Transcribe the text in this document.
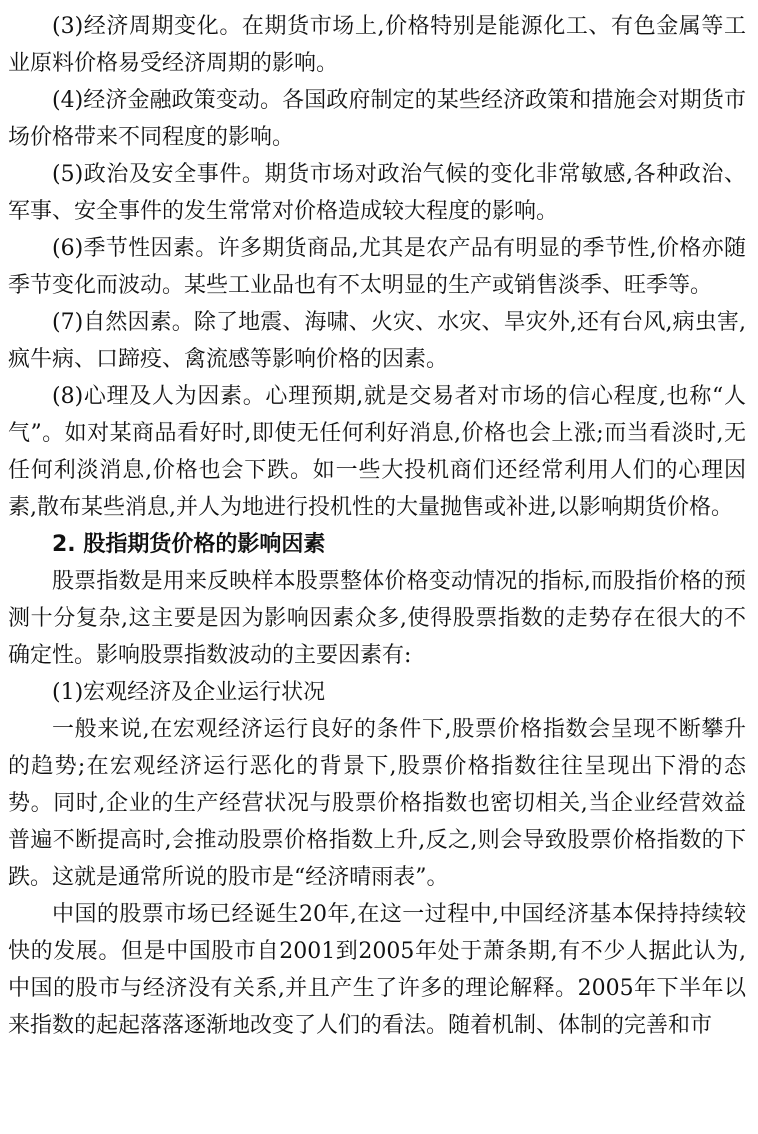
(3)经济周期变化。在期货市场上,价格特别是能源化工、有色金属等工业原料价格易受经济周期的影响。

(4)经济金融政策变动。各国政府制定的某些经济政策和措施会对期货市场价格带来不同程度的影响。

(5)政治及安全事件。期货市场对政治气候的变化非常敏感,各种政治、军事、安全事件的发生常常对价格造成较大程度的影响。

(6)季节性因素。许多期货商品,尤其是农产品有明显的季节性,价格亦随季节变化而波动。某些工业品也有不太明显的生产或销售淡季、旺季等。

(7)自然因素。除了地震、海啸、火灾、水灾、旱灾外,还有台风,病虫害,疯牛病、口蹄疫、禽流感等影响价格的因素。

(8)心理及人为因素。心理预期,就是交易者对市场的信心程度,也称“人气”。如对某商品看好时,即使无任何利好消息,价格也会上涨;而当看淡时,无任何利淡消息,价格也会下跌。如一些大投机商们还经常利用人们的心理因素,散布某些消息,并人为地进行投机性的大量抛售或补进,以影响期货价格。

2. 股指期货价格的影响因素

股票指数是用来反映样本股票整体价格变动情况的指标,而股指价格的预测十分复杂,这主要是因为影响因素众多,使得股票指数的走势存在很大的不确定性。影响股票指数波动的主要因素有:

(1)宏观经济及企业运行状况

一般来说,在宏观经济运行良好的条件下,股票价格指数会呈现不断攀升的趋势;在宏观经济运行恶化的背景下,股票价格指数往往呈现出下滑的态势。同时,企业的生产经营状况与股票价格指数也密切相关,当企业经营效益普遍不断提高时,会推动股票价格指数上升,反之,则会导致股票价格指数的下跌。这就是通常所说的股市是“经济晴雨表”。

中国的股票市场已经诞生20年,在这一过程中,中国经济基本保持持续较快的发展。但是中国股市自2001到2005年处于萧条期,有不少人据此认为,中国的股市与经济没有关系,并且产生了许多的理论解释。2005年下半年以来指数的起起落落逐渐地改变了人们的看法。随着机制、体制的完善和市
